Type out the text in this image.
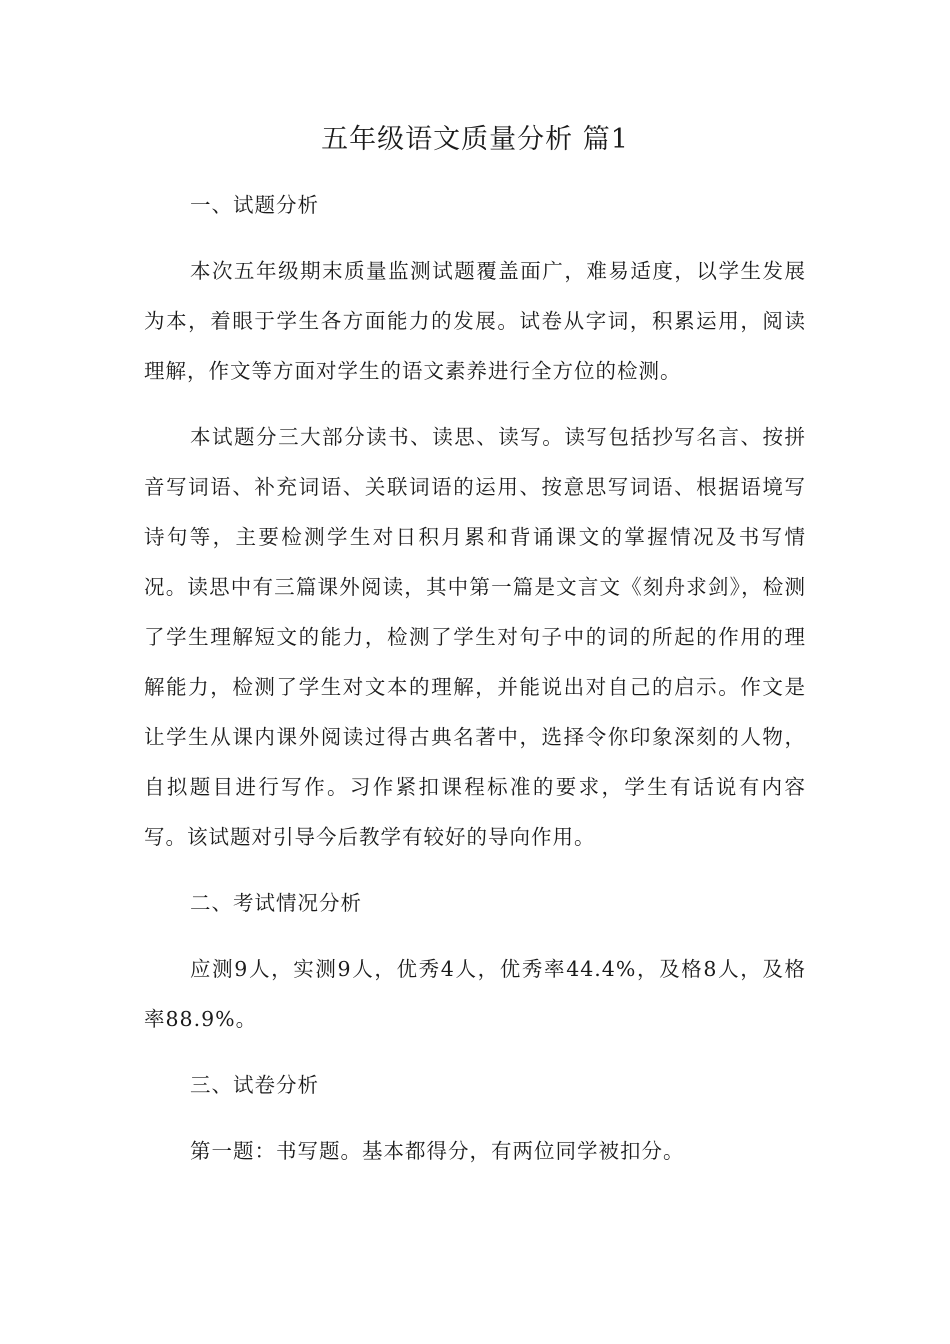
五年级语文质量分析 篇1

一、试题分析

本次五年级期末质量监测试题覆盖面广，难易适度，以学生发展为本，着眼于学生各方面能力的发展。试卷从字词，积累运用，阅读理解，作文等方面对学生的语文素养进行全方位的检测。

本试题分三大部分读书、读思、读写。读写包括抄写名言、按拼音写词语、补充词语、关联词语的运用、按意思写词语、根据语境写诗句等，主要检测学生对日积月累和背诵课文的掌握情况及书写情况。读思中有三篇课外阅读，其中第一篇是文言文《刻舟求剑》，检测了学生理解短文的能力，检测了学生对句子中的词的所起的作用的理解能力，检测了学生对文本的理解，并能说出对自己的启示。作文是让学生从课内课外阅读过得古典名著中，选择令你印象深刻的人物，自拟题目进行写作。习作紧扣课程标准的要求，学生有话说有内容写。该试题对引导今后教学有较好的导向作用。

二、考试情况分析

应测9人，实测9人，优秀4人，优秀率44.4%，及格8人，及格率88.9%。

三、试卷分析

第一题：书写题。基本都得分，有两位同学被扣分。
